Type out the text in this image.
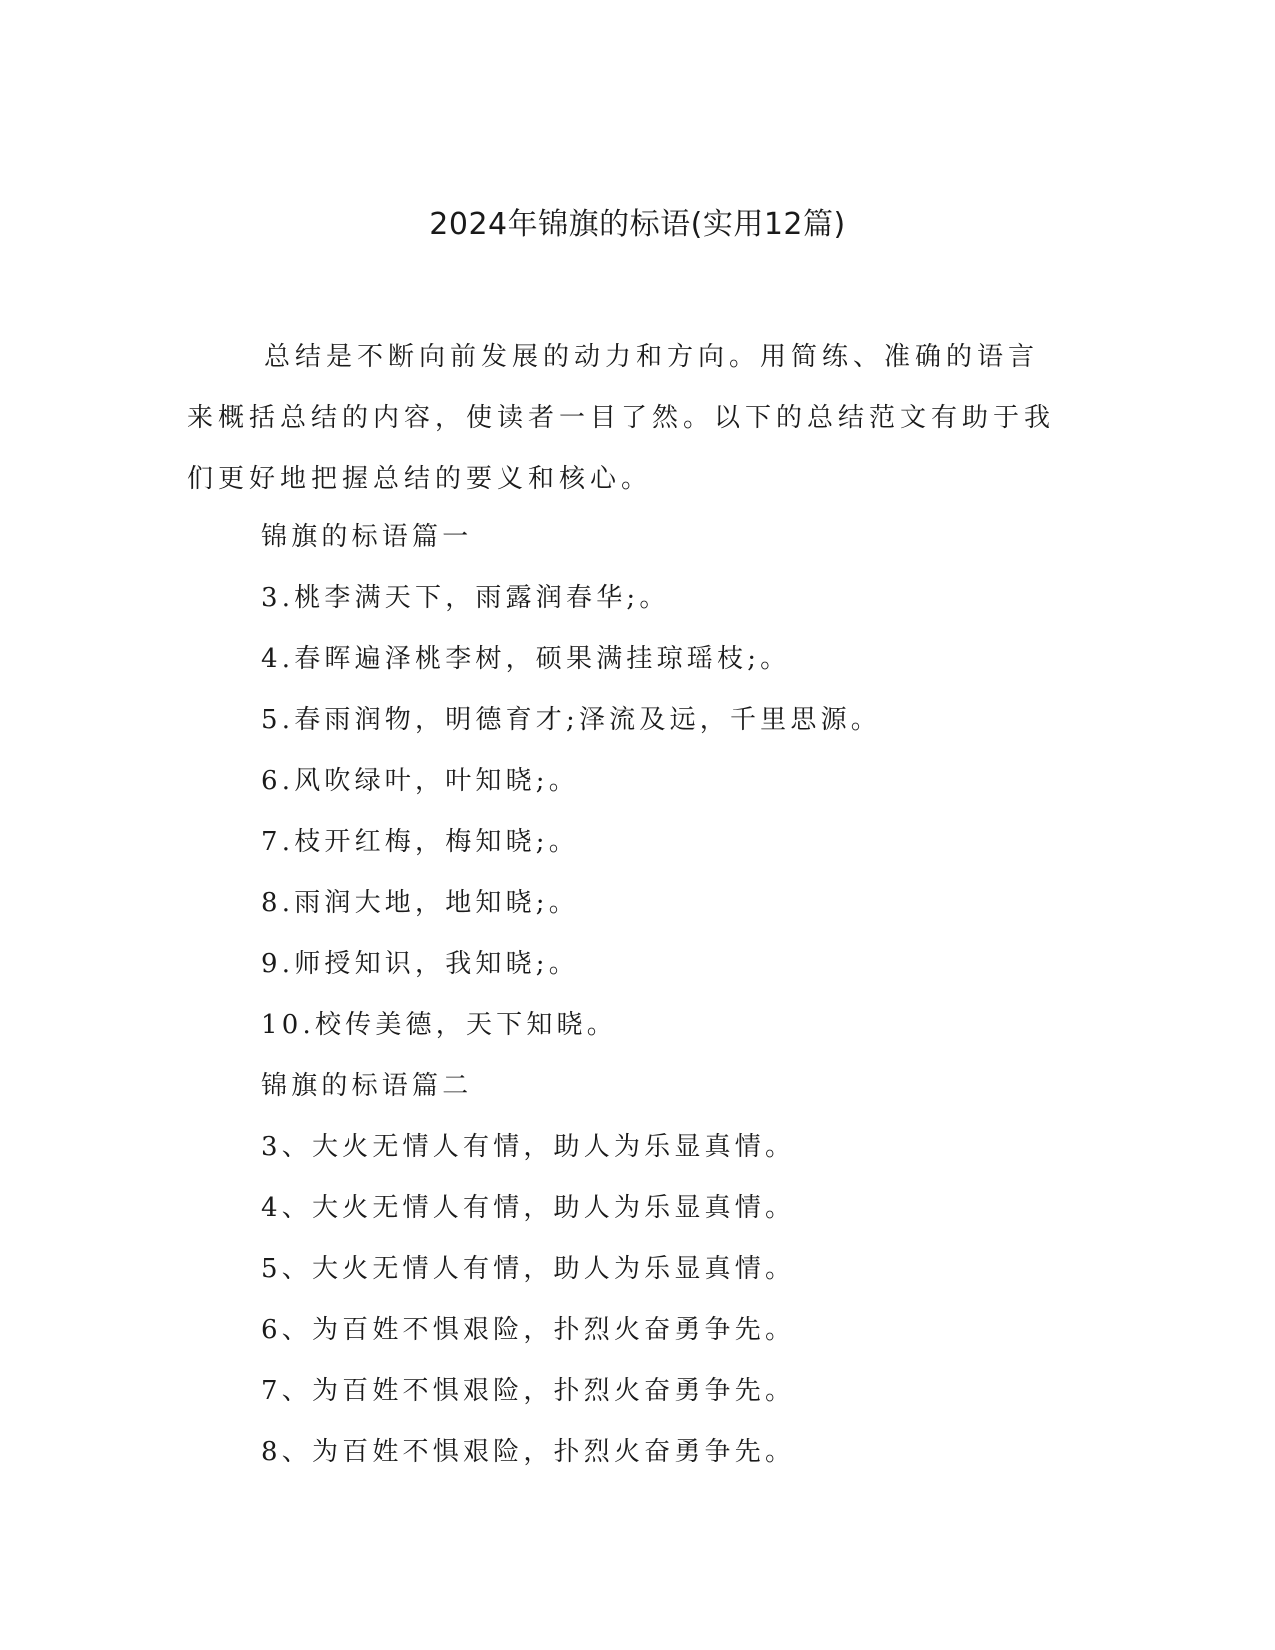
2024年锦旗的标语(实用12篇)

总结是不断向前发展的动力和方向。用简练、准确的语言来概括总结的内容，使读者一目了然。以下的总结范文有助于我们更好地把握总结的要义和核心。

锦旗的标语篇一
3.桃李满天下，雨露润春华;。
4.春晖遍泽桃李树，硕果满挂琼瑶枝;。
5.春雨润物，明德育才;泽流及远，千里思源。
6.风吹绿叶，叶知晓;。
7.枝开红梅，梅知晓;。
8.雨润大地，地知晓;。
9.师授知识，我知晓;。
10.校传美德，天下知晓。
锦旗的标语篇二
3、大火无情人有情，助人为乐显真情。
4、大火无情人有情，助人为乐显真情。
5、大火无情人有情，助人为乐显真情。
6、为百姓不惧艰险，扑烈火奋勇争先。
7、为百姓不惧艰险，扑烈火奋勇争先。
8、为百姓不惧艰险，扑烈火奋勇争先。
